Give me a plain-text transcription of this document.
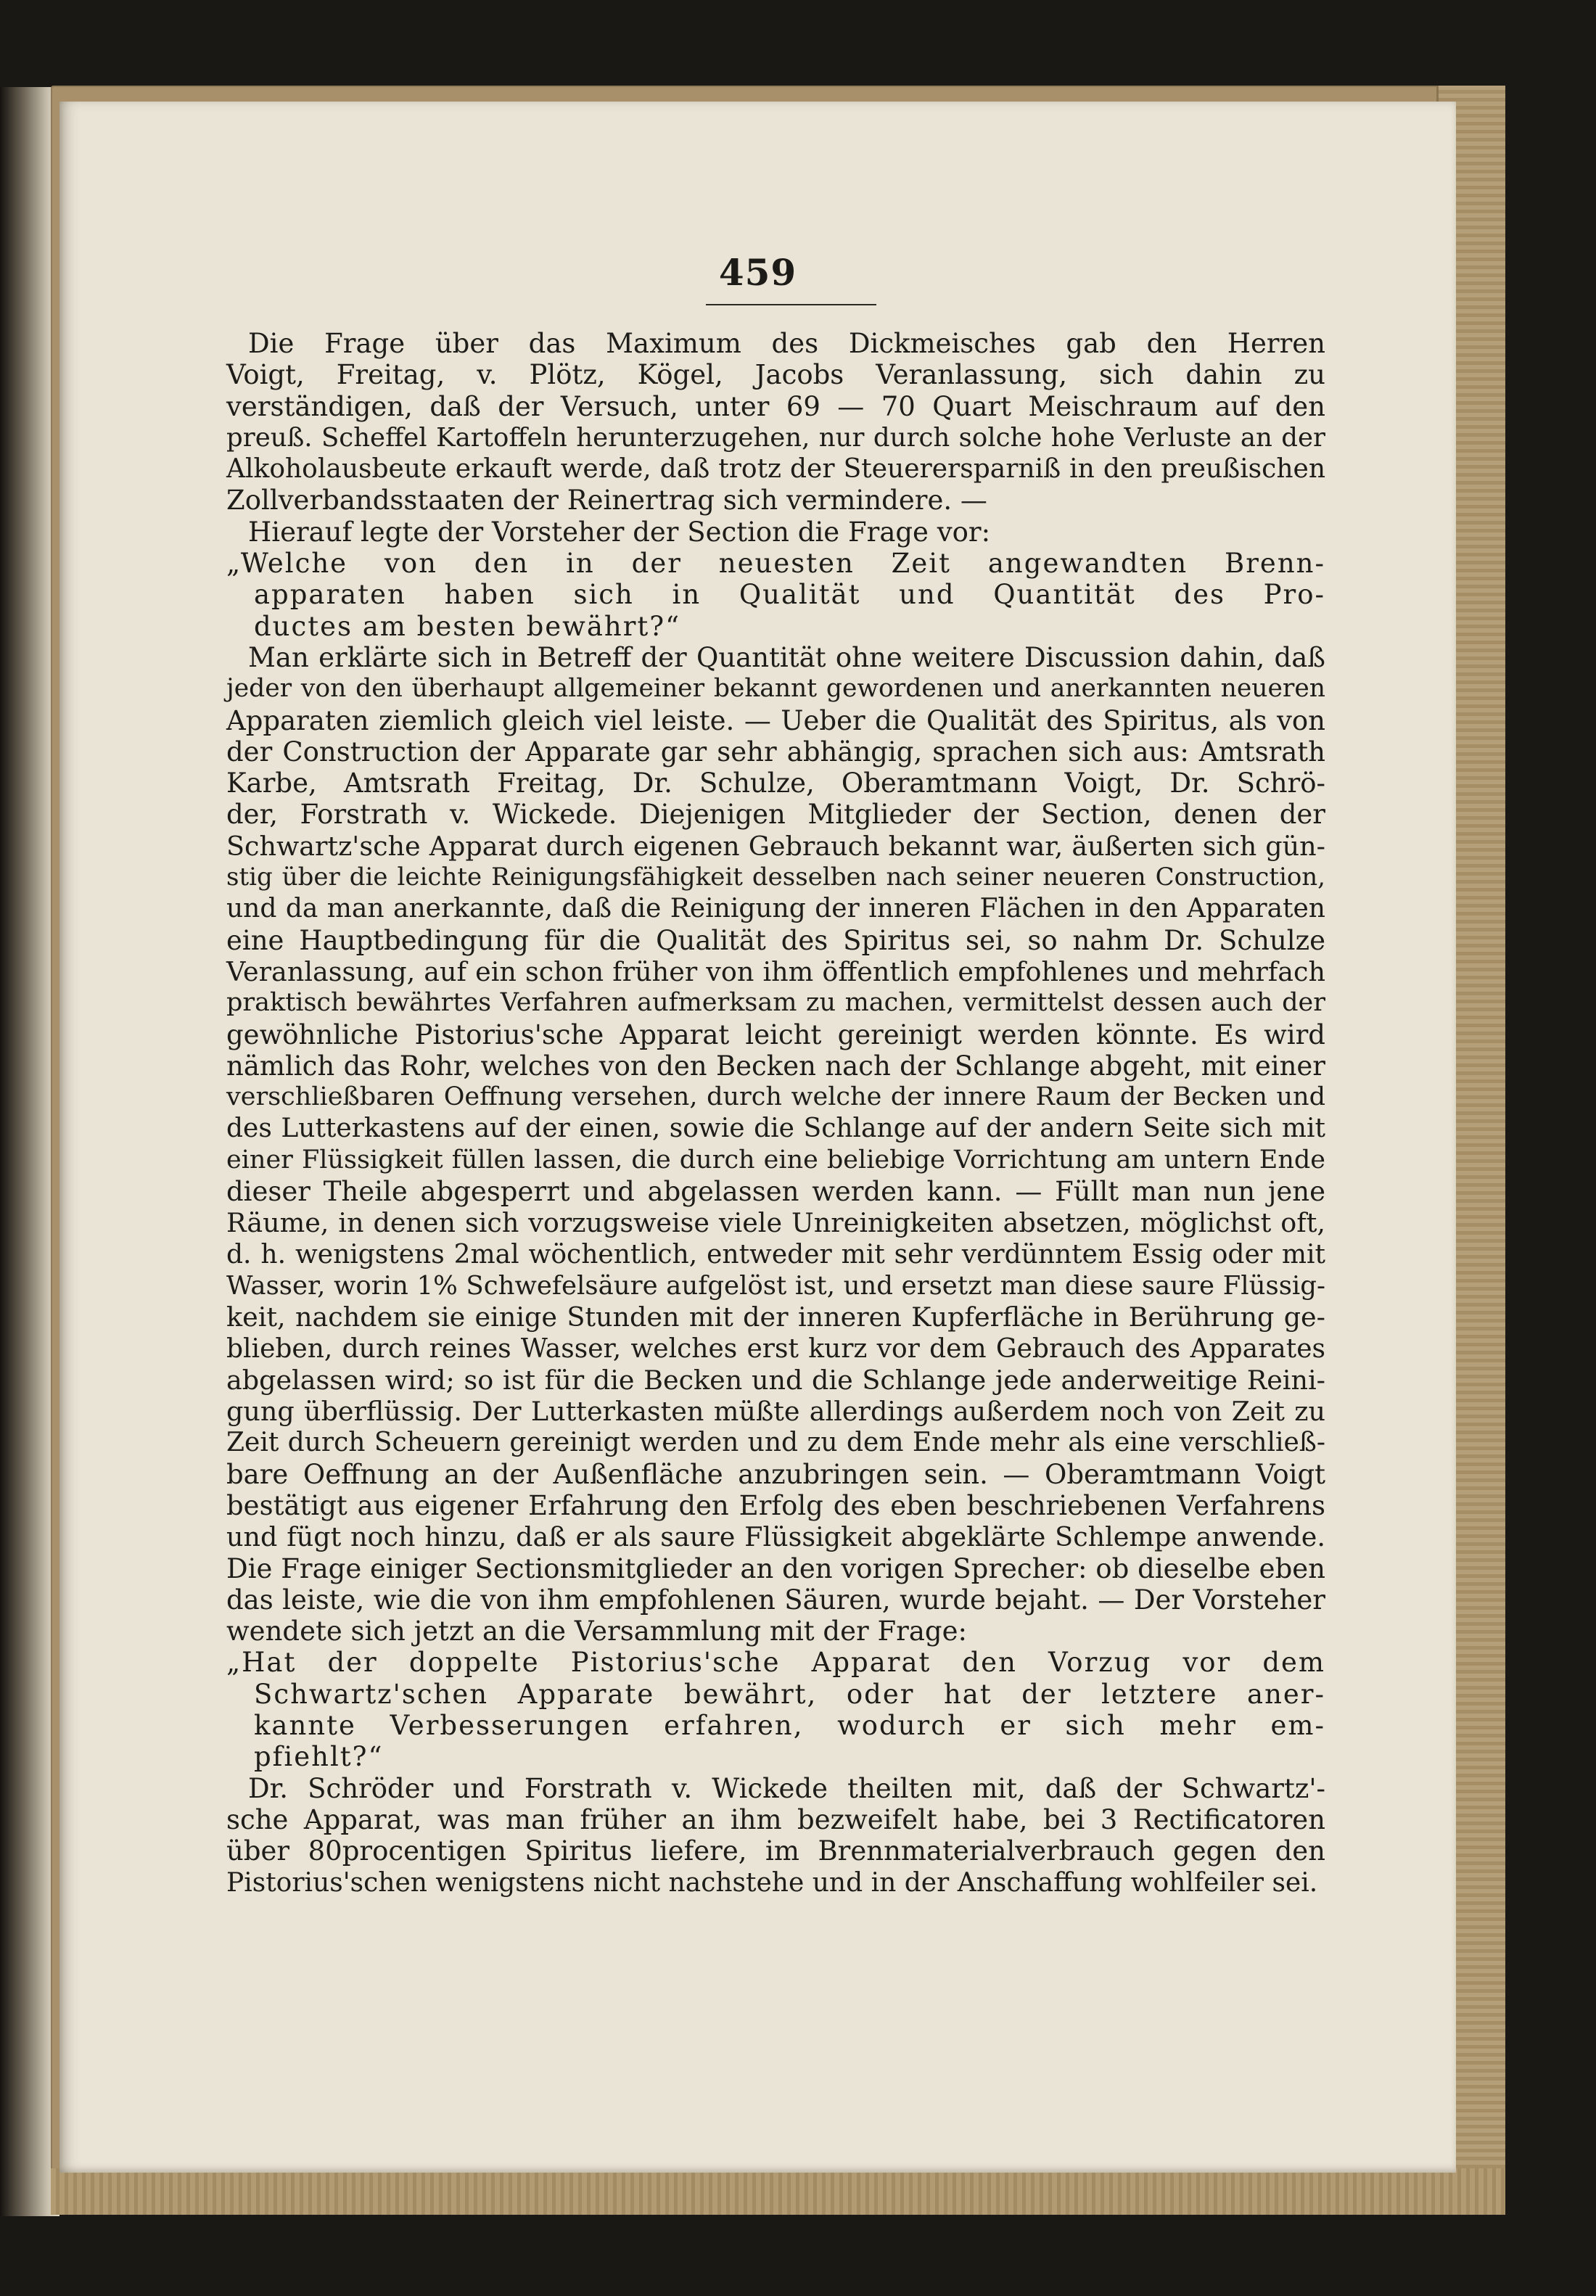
459

Die Frage über das Maximum des Dickmeisches gab den Herren
Voigt, Freitag, v. Plötz, Kögel, Jacobs Veranlassung, sich dahin zu
verständigen, daß der Versuch, unter 69 — 70 Quart Meischraum auf den
preuß. Scheffel Kartoffeln herunterzugehen, nur durch solche hohe Verluste an der
Alkoholausbeute erkauft werde, daß trotz der Steuerersparniß in den preußischen
Zollverbandsstaaten der Reinertrag sich vermindere. —

Hierauf legte der Vorsteher der Section die Frage vor:

„Welche von den in der neuesten Zeit angewandten Brenn-
apparaten haben sich in Qualität und Quantität des Pro-
ductes am besten bewährt?“

Man erklärte sich in Betreff der Quantität ohne weitere Discussion dahin, daß
jeder von den überhaupt allgemeiner bekannt gewordenen und anerkannten neueren
Apparaten ziemlich gleich viel leiste. — Ueber die Qualität des Spiritus, als von
der Construction der Apparate gar sehr abhängig, sprachen sich aus: Amtsrath
Karbe, Amtsrath Freitag, Dr. Schulze, Oberamtmann Voigt, Dr. Schrö-
der, Forstrath v. Wickede. Diejenigen Mitglieder der Section, denen der
Schwartz'sche Apparat durch eigenen Gebrauch bekannt war, äußerten sich gün-
stig über die leichte Reinigungsfähigkeit desselben nach seiner neueren Construction,
und da man anerkannte, daß die Reinigung der inneren Flächen in den Apparaten
eine Hauptbedingung für die Qualität des Spiritus sei, so nahm Dr. Schulze
Veranlassung, auf ein schon früher von ihm öffentlich empfohlenes und mehrfach
praktisch bewährtes Verfahren aufmerksam zu machen, vermittelst dessen auch der
gewöhnliche Pistorius'sche Apparat leicht gereinigt werden könnte. Es wird
nämlich das Rohr, welches von den Becken nach der Schlange abgeht, mit einer
verschließbaren Oeffnung versehen, durch welche der innere Raum der Becken und
des Lutterkastens auf der einen, sowie die Schlange auf der andern Seite sich mit
einer Flüssigkeit füllen lassen, die durch eine beliebige Vorrichtung am untern Ende
dieser Theile abgesperrt und abgelassen werden kann. — Füllt man nun jene
Räume, in denen sich vorzugsweise viele Unreinigkeiten absetzen, möglichst oft,
d. h. wenigstens 2mal wöchentlich, entweder mit sehr verdünntem Essig oder mit
Wasser, worin 1% Schwefelsäure aufgelöst ist, und ersetzt man diese saure Flüssig-
keit, nachdem sie einige Stunden mit der inneren Kupferfläche in Berührung ge-
blieben, durch reines Wasser, welches erst kurz vor dem Gebrauch des Apparates
abgelassen wird; so ist für die Becken und die Schlange jede anderweitige Reini-
gung überflüssig. Der Lutterkasten müßte allerdings außerdem noch von Zeit zu
Zeit durch Scheuern gereinigt werden und zu dem Ende mehr als eine verschließ-
bare Oeffnung an der Außenfläche anzubringen sein. — Oberamtmann Voigt
bestätigt aus eigener Erfahrung den Erfolg des eben beschriebenen Verfahrens
und fügt noch hinzu, daß er als saure Flüssigkeit abgeklärte Schlempe anwende.
Die Frage einiger Sectionsmitglieder an den vorigen Sprecher: ob dieselbe eben
das leiste, wie die von ihm empfohlenen Säuren, wurde bejaht. — Der Vorsteher
wendete sich jetzt an die Versammlung mit der Frage:

„Hat der doppelte Pistorius'sche Apparat den Vorzug vor dem
Schwartz'schen Apparate bewährt, oder hat der letztere aner-
kannte Verbesserungen erfahren, wodurch er sich mehr em-
pfiehlt?“

Dr. Schröder und Forstrath v. Wickede theilten mit, daß der Schwartz'-
sche Apparat, was man früher an ihm bezweifelt habe, bei 3 Rectificatoren
über 80procentigen Spiritus liefere, im Brennmaterialverbrauch gegen den
Pistorius'schen wenigstens nicht nachstehe und in der Anschaffung wohlfeiler sei.
